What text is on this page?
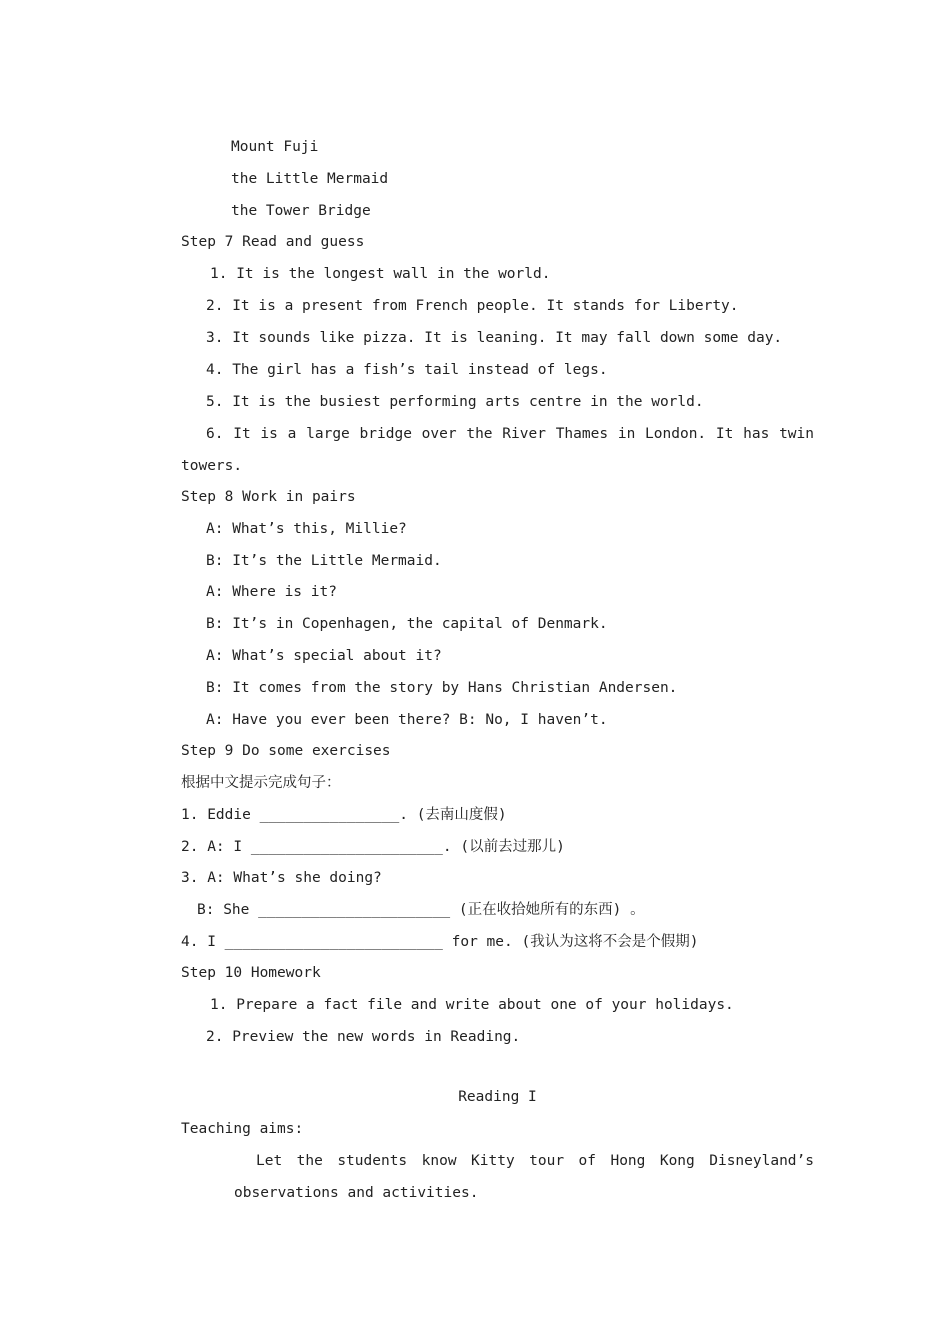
Mount Fuji
the Little Mermaid
the Tower Bridge
Step 7 Read and guess
1. It is the longest wall in the world.
2. It is a present from French people. It stands for Liberty.
3. It sounds like pizza. It is leaning. It may fall down some day.
4. The girl has a fish’s tail instead of legs.
5. It is the busiest performing arts centre in the world.
6. It is a large bridge over the River Thames in London. It has twin
towers.
Step 8 Work in pairs
A: What’s this, Millie?
B: It’s the Little Mermaid.
A: Where is it?
B: It’s in Copenhagen, the capital of Denmark.
A: What’s special about it?
B: It comes from the story by Hans Christian Andersen.
A: Have you ever been there? B: No, I haven’t.
Step 9 Do some exercises
根据中文提示完成句子：
1. Eddie ________________. (去南山度假)
2. A: I ______________________. (以前去过那儿)
3. A: What’s she doing?
B: She ______________________ (正在收拾她所有的东西) 。
4. I _________________________ for me. (我认为这将不会是个假期)
Step 10 Homework
1. Prepare a fact file and write about one of your holidays.
2. Preview the new words in Reading.
Reading I
Teaching aims:
Let the students know Kitty tour of Hong Kong Disneyland’s
observations and activities.
